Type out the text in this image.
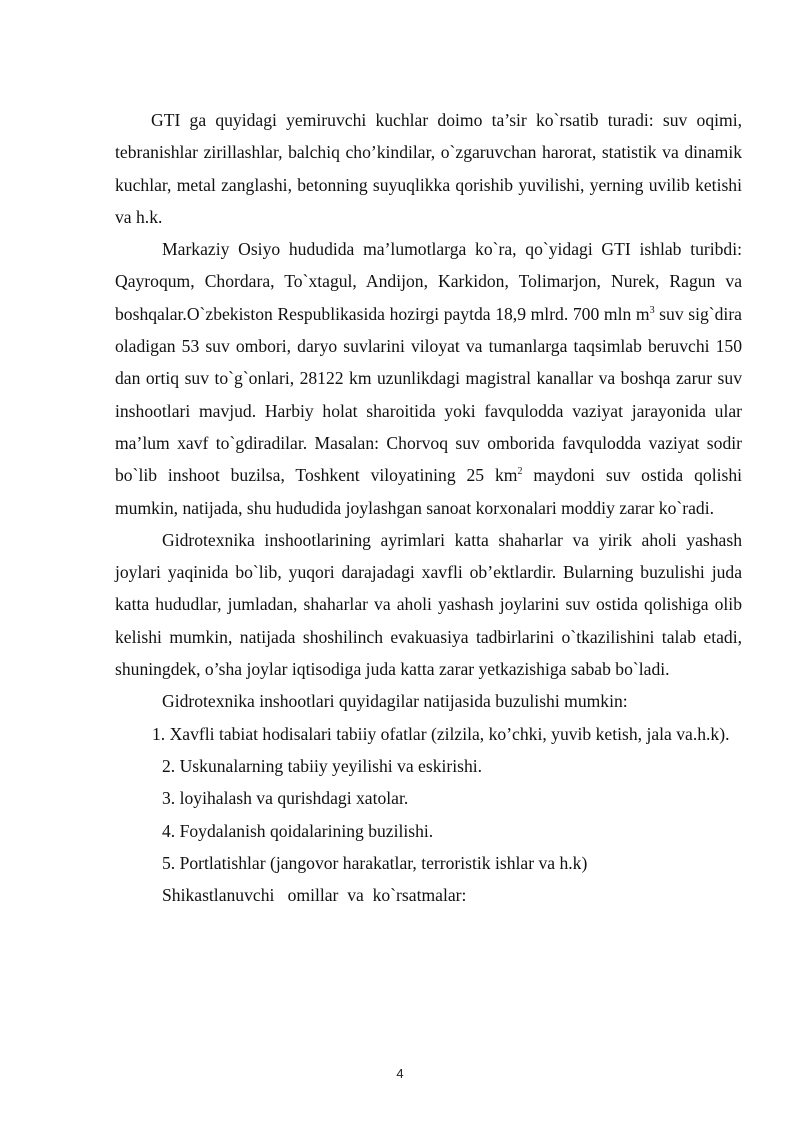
GTI ga quyidagi yemiruvchi kuchlar doimo ta’sir ko`rsatib turadi: suv oqimi, tebranishlar zirillashlar, balchiq cho’kindilar, o`zgaruvchan harorat, statistik va dinamik kuchlar, metal zanglashi, betonning suyuqlikka qorishib yuvilishi, yerning uvilib ketishi va h.k.

Markaziy Osiyo hududida ma’lumotlarga ko`ra, qo`yidagi GTI ishlab turibdi: Qayroqum, Chordara, To`xtagul, Andijon, Karkidon, Tolimarjon, Nurek, Ragun va boshqalar.O`zbekiston Respublikasida hozirgi paytda 18,9 mlrd. 700 mln $m^3$ suv sig`dira oladigan 53 suv ombori, daryo suvlarini viloyat va tumanlarga taqsimlab beruvchi 150 dan ortiq suv to`g`onlari, 28122 km uzunlikdagi magistral kanallar va boshqa zarur suv inshootlari mavjud. Harbiy holat sharoitida yoki favqulodda vaziyat jarayonida ular ma’lum xavf to`gdiradilar. Masalan: Chorvoq suv omborida favqulodda vaziyat sodir bo`lib inshoot buzilsa, Toshkent viloyatining 25 $km^2$ maydoni suv ostida qolishi mumkin, natijada, shu hududida joylashgan sanoat korxonalari moddiy zarar ko`radi.

Gidrotexnika inshootlarining ayrimlari katta shaharlar va yirik aholi yashash joylari yaqinida bo`lib, yuqori darajadagi xavfli ob’ektlardir. Bularning buzulishi juda katta hududlar, jumladan, shaharlar va aholi yashash joylarini suv ostida qolishiga olib kelishi mumkin, natijada shoshilinch evakuasiya tadbirlarini o`tkazilishini talab etadi, shuningdek, o’sha joylar iqtisodiga juda katta zarar yetkazishiga sabab bo`ladi.

Gidrotexnika inshootlari quyidagilar natijasida buzulishi mumkin:

1. Xavfli tabiat hodisalari tabiiy ofatlar (zilzila, ko’chki, yuvib ketish, jala va.h.k).

2. Uskunalarning tabiiy yeyilishi va eskirishi.

3. loyihalash va qurishdagi xatolar.

4. Foydalanish qoidalarining buzilishi.

5. Portlatishlar (jangovor harakatlar, terroristik ishlar va h.k)

Shikastlanuvchi   omillar  va  ko`rsatmalar:

4
